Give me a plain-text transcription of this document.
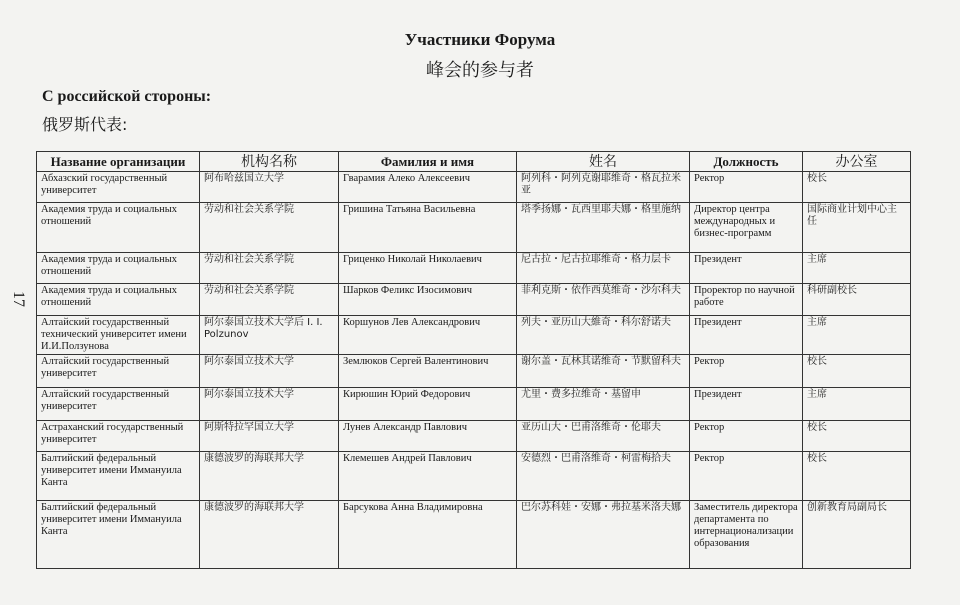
17
Участники Форума
峰会的参与者
С российской стороны:
俄罗斯代表:
Название организации	机构名称	Фамилия и имя	姓名	Должность	办公室
Абхазский государственный университет	阿布哈兹国立大学	Гварамия Алеко Алексеевич	阿列科・阿列克谢耶维奇・格瓦拉米亚	Ректор	校长
Академия труда и социальных отношений	劳动和社会关系学院	Гришина Татьяна Васильевна	塔季扬娜・瓦西里耶夫娜・格里施纳	Директор центра международных и бизнес-программ	国际商业计划中心主任
Академия труда и социальных отношений	劳动和社会关系学院	Гриценко Николай Николаевич	尼古拉・尼古拉耶维奇・格力层卡	Президент	主席
Академия труда и социальных отношений	劳动和社会关系学院	Шарков Феликс Изосимович	菲利克斯・依作西莫维奇・沙尔科夫	Проректор по научной работе	科研副校长
Алтайский государственный технический университет имени И.И.Ползунова	阿尔泰国立技术大学后 I. I. Polzunov	Коршунов Лев Александрович	列夫・亚历山大維奇・科尔舒诺夫	Президент	主席
Алтайский государственный университет	阿尔泰国立技术大学	Землюков Сергей Валентинович	谢尔盖・瓦林其诺维奇・节默留科夫	Ректор	校长
Алтайский государственный университет	阿尔泰国立技术大学	Кирюшин Юрий Федорович	尤里・费多拉维奇・基留申	Президент	主席
Астраханский государственный университет	阿斯特拉罕国立大学	Лунев Александр Павлович	亚历山大・巴甫洛维奇・伦耶夫	Ректор	校长
Балтийский федеральный университет имени Иммануила Канта	康德波罗的海联邦大学	Клемешев Андрей Павлович	安德烈・巴甫洛维奇・柯雷梅拾夫	Ректор	校长
Балтийский федеральный университет имени Иммануила Канта	康德波罗的海联邦大学	Барсукова Анна Владимировна	巴尔苏科娃・安娜・弗拉基米洛夫娜	Заместитель директора департамента по интернационализации образования	创新教育局副局长
